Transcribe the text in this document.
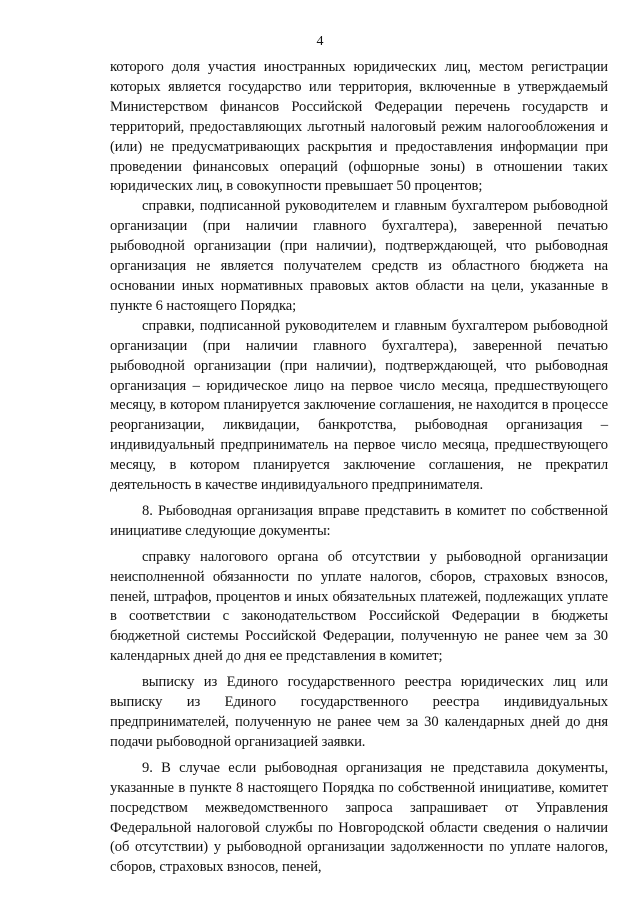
4

которого доля участия иностранных юридических лиц, местом регистрации которых является государство или территория, включенные в утверждаемый Министерством финансов Российской Федерации перечень государств и территорий, предоставляющих льготный налоговый режим налогообложения и (или) не предусматривающих раскрытия и предоставления информации при проведении финансовых операций (офшорные зоны) в отношении таких юридических лиц, в совокупности превышает 50 процентов;

справки, подписанной руководителем и главным бухгалтером рыбоводной организации (при наличии главного бухгалтера), заверенной печатью рыбоводной организации (при наличии), подтверждающей, что рыбоводная организация не является получателем средств из областного бюджета на основании иных нормативных правовых актов области на цели, указанные в пункте 6 настоящего Порядка;

справки, подписанной руководителем и главным бухгалтером рыбоводной организации (при наличии главного бухгалтера), заверенной печатью рыбоводной организации (при наличии), подтверждающей, что рыбоводная организация – юридическое лицо на первое число месяца, предшествующего месяцу, в котором планируется заключение соглашения, не находится в процессе реорганизации, ликвидации, банкротства, рыбоводная организация – индивидуальный предприниматель на первое число месяца, предшествующего месяцу, в котором планируется заключение соглашения, не прекратил деятельность в качестве индивидуального предпринимателя.

8. Рыбоводная организация вправе представить в комитет по собственной инициативе следующие документы:

справку налогового органа об отсутствии у рыбоводной организации неисполненной обязанности по уплате налогов, сборов, страховых взносов, пеней, штрафов, процентов и иных обязательных платежей, подлежащих уплате в соответствии с законодательством Российской Федерации в бюджеты бюджетной системы Российской Федерации, полученную не ранее чем за 30 календарных дней до дня ее представления в комитет;

выписку из Единого государственного реестра юридических лиц или выписку из Единого государственного реестра индивидуальных предпринимателей, полученную не ранее чем за 30 календарных дней до дня подачи рыбоводной организацией заявки.

9. В случае если рыбоводная организация не представила документы, указанные в пункте 8 настоящего Порядка по собственной инициативе, комитет посредством межведомственного запроса запрашивает от Управления Федеральной налоговой службы по Новгородской области сведения о наличии (об отсутствии) у рыбоводной организации задолженности по уплате налогов, сборов, страховых взносов, пеней,
